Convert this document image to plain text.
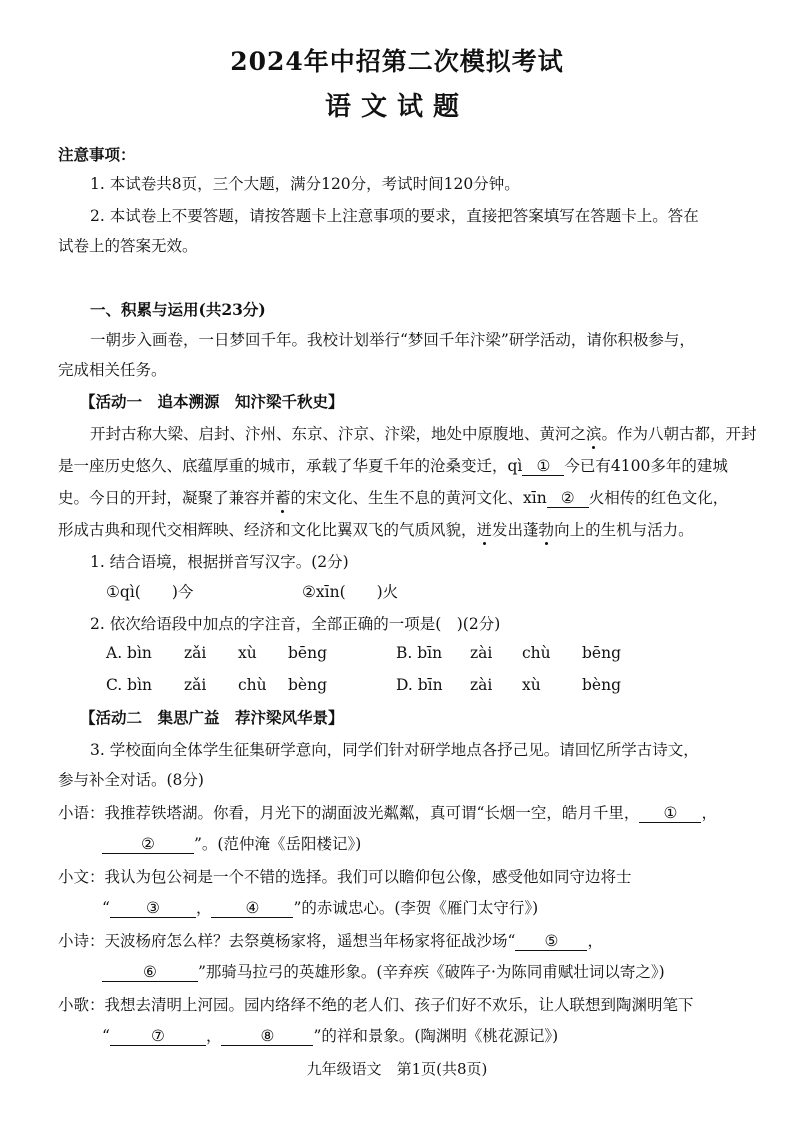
2024年中招第二次模拟考试
语文试题
注意事项：
1. 本试卷共8页，三个大题，满分120分，考试时间120分钟。
2. 本试卷上不要答题，请按答题卡上注意事项的要求，直接把答案填写在答题卡上。答在
试卷上的答案无效。
一、积累与运用(共23分)
一朝步入画卷，一日梦回千年。我校计划举行“梦回千年汴梁”研学活动，请你积极参与，
完成相关任务。
【活动一　追本溯源　知汴梁千秋史】
开封古称大梁、启封、汴州、东京、汴京、汴梁，地处中原腹地、黄河之滨。作为八朝古都，开封
是一座历史悠久、底蕴厚重的城市，承载了华夏千年的沧桑变迁，qì ① 今已有4100多年的建城
史。今日的开封，凝聚了兼容并蓄的宋文化、生生不息的黄河文化、xīn ② 火相传的红色文化，
形成古典和现代交相辉映、经济和文化比翼双飞的气质风貌，迸发出蓬勃向上的生机与活力。
1. 结合语境，根据拼音写汉字。(2分)
①qì(　　)今	②xīn(　　)火
2. 依次给语段中加点的字注音，全部正确的一项是(　)(2分)
A. bìn zǎi xù bēng	B. bīn zài chù bēng
C. bìn zǎi chù bèng	D. bīn zài xù	bèng
【活动二　集思广益　荐汴梁风华景】
3. 学校面向全体学生征集研学意向，同学们针对研学地点各抒己见。请回忆所学古诗文，
参与补全对话。(8分)
小语：我推荐铁塔湖。你看，月光下的湖面波光粼粼，真可谓“长烟一空，皓月千里， ① ，
②	”。(范仲淹《岳阳楼记》)
小文：我认为包公祠是一个不错的选择。我们可以瞻仰包公像，感受他如同守边将士
“ ③ ， ④ ”的赤诚忠心。(李贺《雁门太守行》)
小诗：天波杨府怎么样？去祭奠杨家将，遥想当年杨家将征战沙场“ ⑤ ，
⑥	”那骑马拉弓的英雄形象。(辛弃疾《破阵子·为陈同甫赋壮词以寄之》)
小歌：我想去清明上河园。园内络绎不绝的老人们、孩子们好不欢乐，让人联想到陶渊明笔下
“	⑦	，	⑧	”的祥和景象。(陶渊明《桃花源记》)
九年级语文　第1页(共8页)
